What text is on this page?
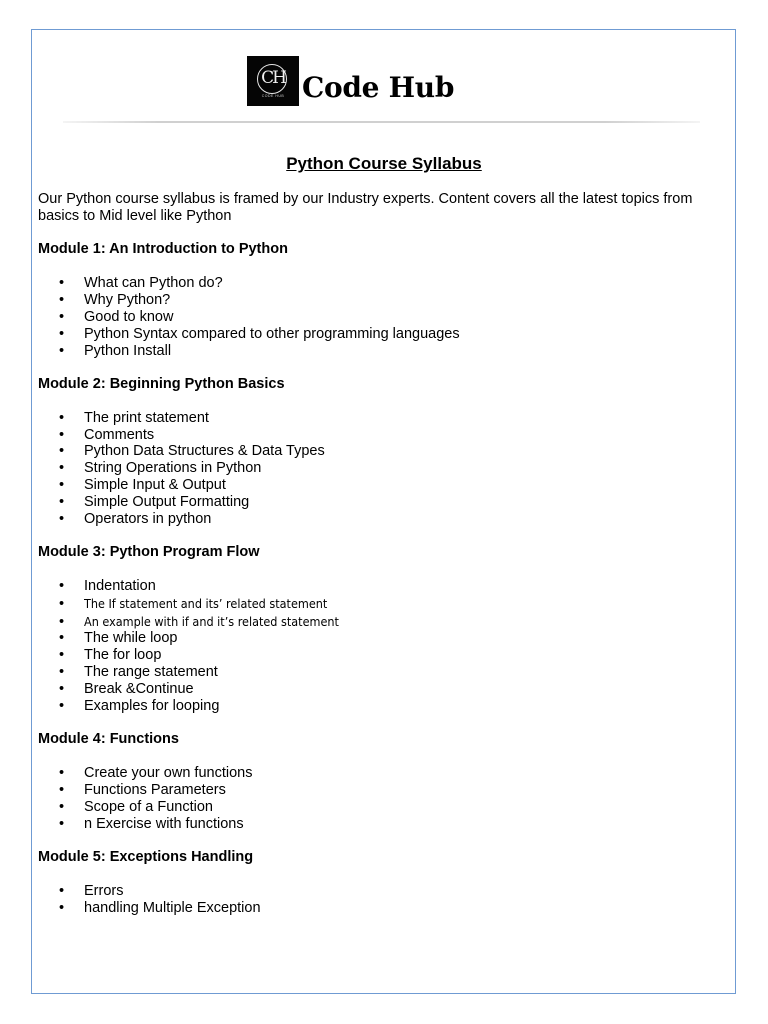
CH
CODE HUB Code Hub
Python Course Syllabus
Our Python course syllabus is framed by our Industry experts. Content covers all the latest topics from basics to Mid level like Python
Module 1: An Introduction to Python
• What can Python do?
• Why Python?
• Good to know
• Python Syntax compared to other programming languages
• Python Install
Module 2: Beginning Python Basics
• The print statement
• Comments
• Python Data Structures & Data Types
• String Operations in Python
• Simple Input & Output
• Simple Output Formatting
• Operators in python
Module 3: Python Program Flow
• Indentation
• The If statement and its’ related statement
• An example with if and it’s related statement
• The while loop
• The for loop
• The range statement
• Break &Continue
• Examples for looping
Module 4: Functions
• Create your own functions
• Functions Parameters
• Scope of a Function
• n Exercise with functions
Module 5: Exceptions Handling
• Errors
• handling Multiple Exception
